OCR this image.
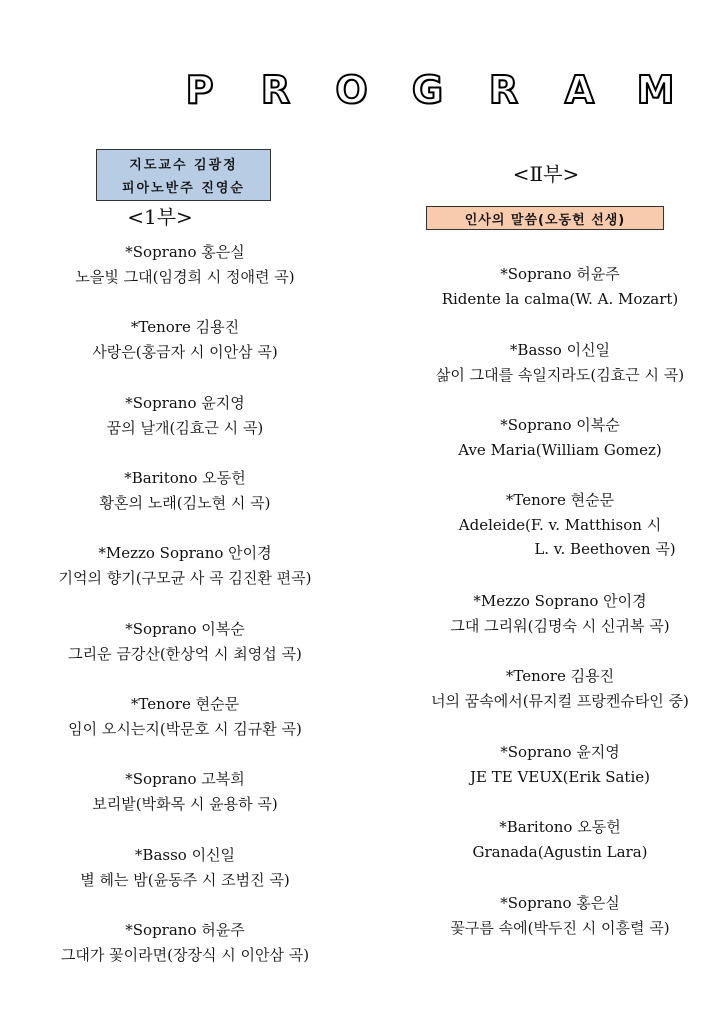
P R O G R A M
지도교수 김광정
피아노반주 진영순
<1부>
<Ⅱ부>
인사의 말씀(오동헌 선생)
*Soprano 홍은실
노을빛 그대(임경희 시 정애련 곡)
*Tenore 김용진
사랑은(홍금자 시 이안삼 곡)
*Soprano 윤지영
꿈의 날개(김효근 시 곡)
*Baritono 오동헌
황혼의 노래(김노현 시 곡)
*Mezzo Soprano 안이경
기억의 향기(구모균 사 곡 김진환 편곡)
*Soprano 이복순
그리운 금강산(한상억 시 최영섭 곡)
*Tenore 현순문
임이 오시는지(박문호 시 김규환 곡)
*Soprano 고복희
보리밭(박화목 시 윤용하 곡)
*Basso 이신일
별 헤는 밤(윤동주 시 조범진 곡)
*Soprano 허윤주
그대가 꽃이라면(장장식 시 이안삼 곡)
*Soprano 허윤주
Ridente la calma(W. A. Mozart)
*Basso 이신일
삶이 그대를 속일지라도(김효근 시 곡)
*Soprano 이복순
Ave Maria(William Gomez)
*Tenore 현순문
Adeleide(F. v. Matthison 시
L. v. Beethoven 곡)
*Mezzo Soprano 안이경
그대 그리워(김명숙 시 신귀복 곡)
*Tenore 김용진
너의 꿈속에서(뮤지컬 프랑켄슈타인 중)
*Soprano 윤지영
JE TE VEUX(Erik Satie)
*Baritono 오동헌
Granada(Agustin Lara)
*Soprano 홍은실
꽃구름 속에(박두진 시 이흥렬 곡)
